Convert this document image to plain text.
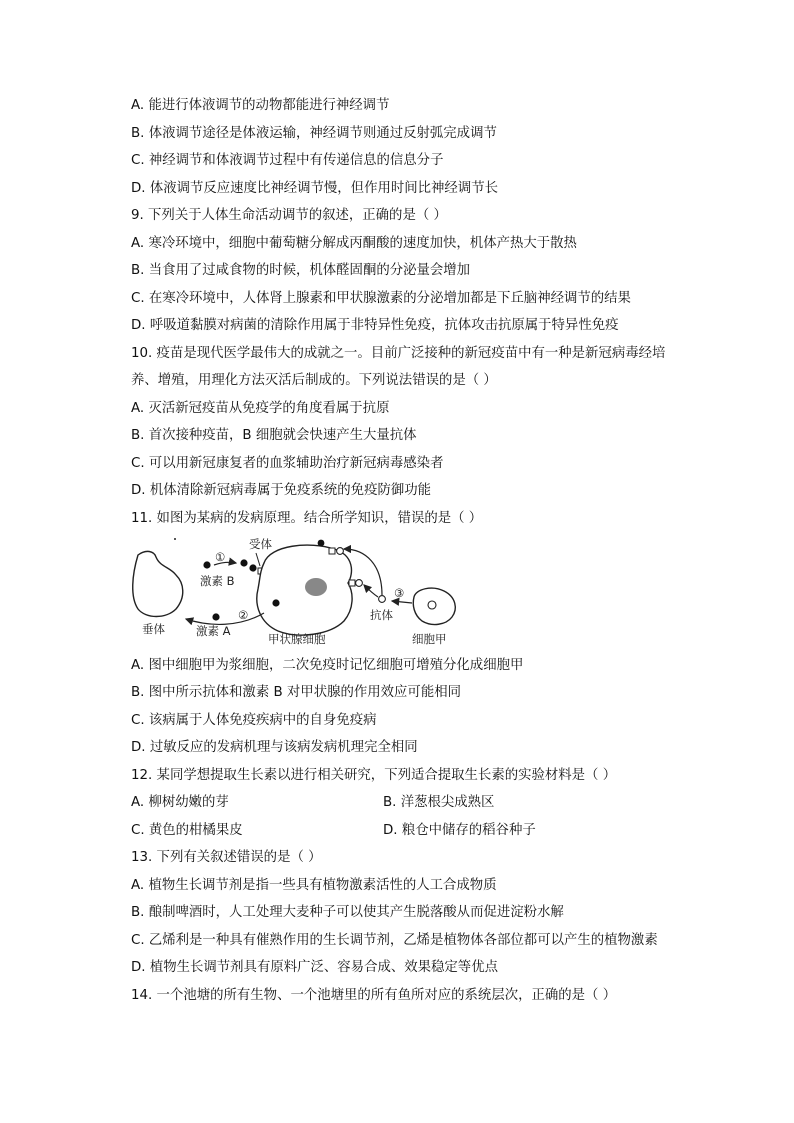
A. 能进行体液调节的动物都能进行神经调节
B. 体液调节途径是体液运输，神经调节则通过反射弧完成调节
C. 神经调节和体液调节过程中有传递信息的信息分子
D. 体液调节反应速度比神经调节慢，但作用时间比神经调节长
9. 下列关于人体生命活动调节的叙述，正确的是（ ）
A. 寒冷环境中，细胞中葡萄糖分解成丙酮酸的速度加快，机体产热大于散热
B. 当食用了过咸食物的时候，机体醛固酮的分泌量会增加
C. 在寒冷环境中，人体肾上腺素和甲状腺激素的分泌增加都是下丘脑神经调节的结果
D. 呼吸道黏膜对病菌的清除作用属于非特异性免疫，抗体攻击抗原属于特异性免疫
10. 疫苗是现代医学最伟大的成就之一。目前广泛接种的新冠疫苗中有一种是新冠病毒经培
养、增殖，用理化方法灭活后制成的。下列说法错误的是（ ）
A. 灭活新冠疫苗从免疫学的角度看属于抗原
B. 首次接种疫苗，B 细胞就会快速产生大量抗体
C. 可以用新冠康复者的血浆辅助治疗新冠病毒感染者
D. 机体清除新冠病毒属于免疫系统的免疫防御功能
11. 如图为某病的发病原理。结合所学知识，错误的是（ ）
垂体
①
激素 B
受体
②
激素 A
甲状腺细胞
③
抗体
细胞甲
A. 图中细胞甲为浆细胞，二次免疫时记忆细胞可增殖分化成细胞甲
B. 图中所示抗体和激素 B 对甲状腺的作用效应可能相同
C. 该病属于人体免疫疾病中的自身免疫病
D. 过敏反应的发病机理与该病发病机理完全相同
12. 某同学想提取生长素以进行相关研究，下列适合提取生长素的实验材料是（ ）
A. 柳树幼嫩的芽	B. 洋葱根尖成熟区
C. 黄色的柑橘果皮	D. 粮仓中储存的稻谷种子
13. 下列有关叙述错误的是（ ）
A. 植物生长调节剂是指一些具有植物激素活性的人工合成物质
B. 酿制啤酒时，人工处理大麦种子可以使其产生脱落酸从而促进淀粉水解
C. 乙烯利是一种具有催熟作用的生长调节剂，乙烯是植物体各部位都可以产生的植物激素
D. 植物生长调节剂具有原料广泛、容易合成、效果稳定等优点
14. 一个池塘的所有生物、一个池塘里的所有鱼所对应的系统层次，正确的是（ ）
